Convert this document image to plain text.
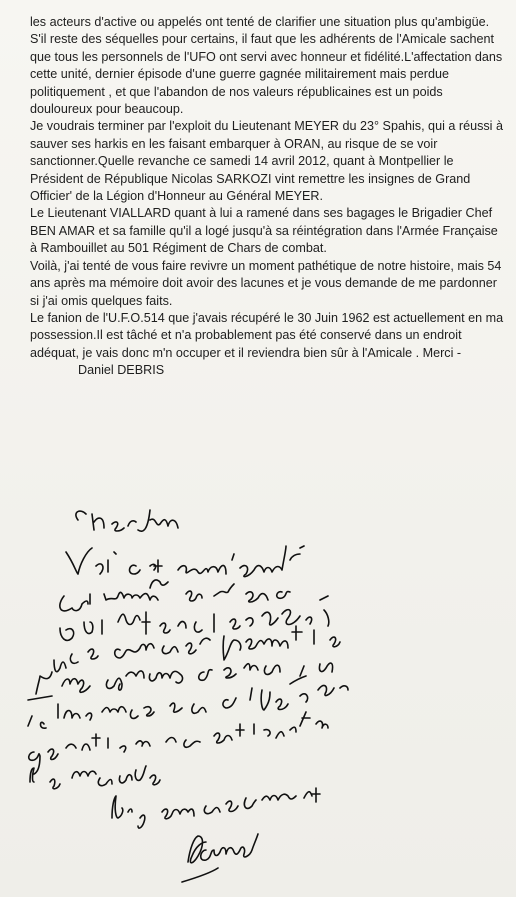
les acteurs d'active ou appelés ont tenté de clarifier une situation plus qu'ambigüe.

S'il reste des séquelles pour certains, il faut que les adhérents de l'Amicale sachent que tous les personnels de l'UFO ont servi avec honneur et fidélité.L'affectation dans cette unité, dernier épisode d'une guerre gagnée militairement mais perdue politiquement , et que l'abandon de nos valeurs républicaines est un poids douloureux pour beaucoup.

Je voudrais terminer par l'exploit du Lieutenant MEYER du 23° Spahis, qui a réussi à sauver ses harkis en les faisant embarquer à ORAN, au risque de se voir sanctionner.Quelle revanche ce samedi 14 avril 2012, quant à Montpellier le Président de République Nicolas SARKOZI vint remettre les insignes de Grand Officier' de la Légion d'Honneur au Général MEYER.

Le Lieutenant VIALLARD quant à lui a ramené dans ses bagages le Brigadier Chef BEN AMAR et sa famille qu'il a logé jusqu'à sa réintégration dans l'Armée Française à Rambouillet au 501 Régiment de Chars de combat.

Voilà, j'ai tenté de vous faire revivre un moment pathétique de notre histoire, mais 54 ans après ma mémoire doit avoir des lacunes et je vous demande de me pardonner si j'ai omis quelques faits.

Le fanion de l'U.F.O.514 que j'avais récupéré le 30 Juin 1962 est actuellement en ma possession.Il est tâché et n'a probablement pas été conservé dans un endroit adéquat, je vais donc m'n occuper et il reviendra bien sûr à l'Amicale . Merci -Daniel DEBRIS
